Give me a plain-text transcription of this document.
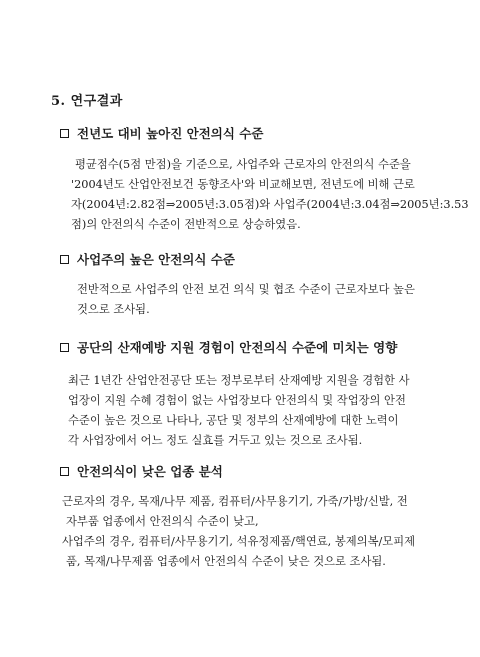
5. 연구결과
전년도 대비 높아진 안전의식 수준
평균점수(5점 만점)을 기준으로, 사업주와 근로자의 안전의식 수준을
'2004년도 산업안전보건 동향조사'와 비교해보면, 전년도에 비해 근로
자(2004년:2.82점⇒2005년:3.05점)와 사업주(2004년:3.04점⇒2005년:3.53
점)의 안전의식 수준이 전반적으로 상승하였음.
사업주의 높은 안전의식 수준
전반적으로 사업주의 안전 보건 의식 및 협조 수준이 근로자보다 높은
것으로 조사됨.
공단의 산재예방 지원 경험이 안전의식 수준에 미치는 영향
최근 1년간 산업안전공단 또는 정부로부터 산재예방 지원을 경험한 사
업장이 지원 수혜 경험이 없는 사업장보다 안전의식 및 작업장의 안전
수준이 높은 것으로 나타나, 공단 및 정부의 산재예방에 대한 노력이
각 사업장에서 어느 정도 실효를 거두고 있는 것으로 조사됨.
안전의식이 낮은 업종 분석
근로자의 경우, 목재/나무 제품, 컴퓨터/사무용기기, 가죽/가방/신발, 전
자부품 업종에서 안전의식 수준이 낮고,
사업주의 경우, 컴퓨터/사무용기기, 석유정제품/핵연료, 봉제의복/모피제
품, 목재/나무제품 업종에서 안전의식 수준이 낮은 것으로 조사됨.
